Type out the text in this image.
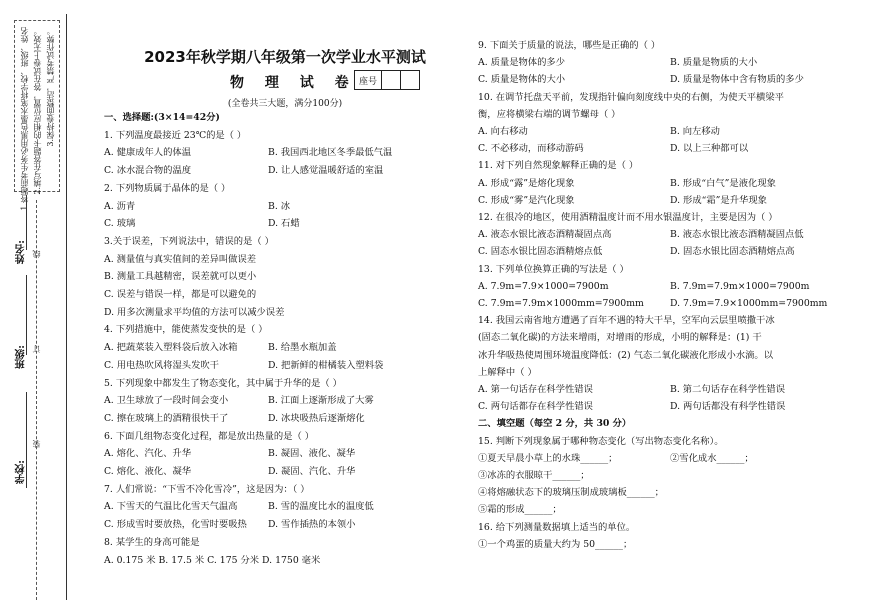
1.答题前考生务必用黑色墨水笔将学校、班级、姓名 2.填写在答题卡的相应位置，答在试卷上无效。 3.保持卷面整洁，严禁考试作弊。
学校:
班级:
姓名:
装
订
线
2023年秋学期八年级第一次学业水平测试
物 理 试 卷 座号
(全卷共三大题，满分100分)
一、选择题:(3×14=42分)
1. 下列温度最接近 23℃的是（ ）
A. 健康成年人的体温	B. 我国西北地区冬季最低气温
C. 冰水混合物的温度	D. 让人感觉温暖舒适的室温
2. 下列物质属于晶体的是（ ）
A. 沥青	B. 冰
C. 玻璃	D. 石蜡
3.关于误差，下列说法中，错误的是（ ）
A. 测量值与真实值间的差异叫做误差
B. 测量工具越精密，误差就可以更小
C. 误差与错误一样，都是可以避免的
D. 用多次测量求平均值的方法可以减少误差
4. 下列措施中，能使蒸发变快的是（ ）
A. 把蔬菜装入塑料袋后放入冰箱	B. 给墨水瓶加盖
C. 用电热吹风将湿头发吹干	D. 把新鲜的柑橘装入塑料袋
5. 下列现象中都发生了物态变化，其中属于升华的是（ ）
A. 卫生球放了一段时间会变小	B. 江面上逐渐形成了大雾
C. 擦在玻璃上的酒精很快干了	D. 冰块吸热后逐渐熔化
6. 下面几组物态变化过程，都是放出热量的是（ ）
A. 熔化、汽化、升华	B. 凝固、液化、凝华
C. 熔化、液化、凝华	D. 凝固、汽化、升华
7. 人们常说：“下雪不冷化雪冷”，这是因为：（ ）
A. 下雪天的气温比化雪天气温高	B. 雪的温度比水的温度低
C. 形成雪时要放热，化雪时要吸热 D. 雪作插热的本领小
8. 某学生的身高可能是
A. 0.175 米 B. 17.5 米 C. 175 分米 D. 1750 毫米
9. 下面关于质量的说法，哪些是正确的（ ）
A. 质量是物体的多少	B. 质量是物质的大小
C. 质量是物体的大小	D. 质量是物体中含有物质的多少
10. 在调节托盘天平前，发现指针偏向刻度线中央的右侧，为使天平横梁平
衡，应将横梁右端的调节螺母（ ）
A. 向右移动	B. 向左移动
C. 不必移动，而移动游码	D. 以上三种都可以
11. 对下列自然现象解释正确的是（ ）
A. 形成“露”是熔化现象	B. 形成“白气”是液化现象
C. 形成“雾”是汽化现象	D. 形成“霜”是升华现象
12. 在很冷的地区，使用酒精温度计而不用水银温度计，主要是因为（ ）
A. 液态水银比液态酒精凝固点高	B. 液态水银比液态酒精凝固点低
C. 固态水银比固态酒精熔点低	D. 固态水银比固态酒精熔点高
13. 下列单位换算正确的写法是（ ）
A. 7.9m=7.9×1000=7900m	B. 7.9m=7.9m×1000=7900m
C. 7.9m=7.9m×1000mm=7900mm	D. 7.9m=7.9×1000mm=7900mm
14. 我国云南省地方遭遇了百年不遇的特大干旱，空军向云层里喷撒干冰
(固态二氧化碳)的方法来增雨，对增雨的形成，小明的解释是：(1) 干
冰升华吸热使周围环境温度降低：(2) 气态二氧化碳液化形成小水滴。以
上解释中（ ）
A. 第一句话存在科学性错误	B. 第二句话存在科学性错误
C. 两句话都存在科学性错误	D. 两句话都没有科学性错误
二、填空题（每空 2 分，共 30 分）
15. 判断下列现象属于哪种物态变化（写出物态变化名称）。
①夏天早晨小草上的水珠______；	②雪化成水______；
③冰冻的衣服晾干______；
④将熔融状态下的玻璃压制成玻璃板______；
⑤霜的形成______；
16. 给下列测量数据填上适当的单位。
①一个鸡蛋的质量大约为 50______；
